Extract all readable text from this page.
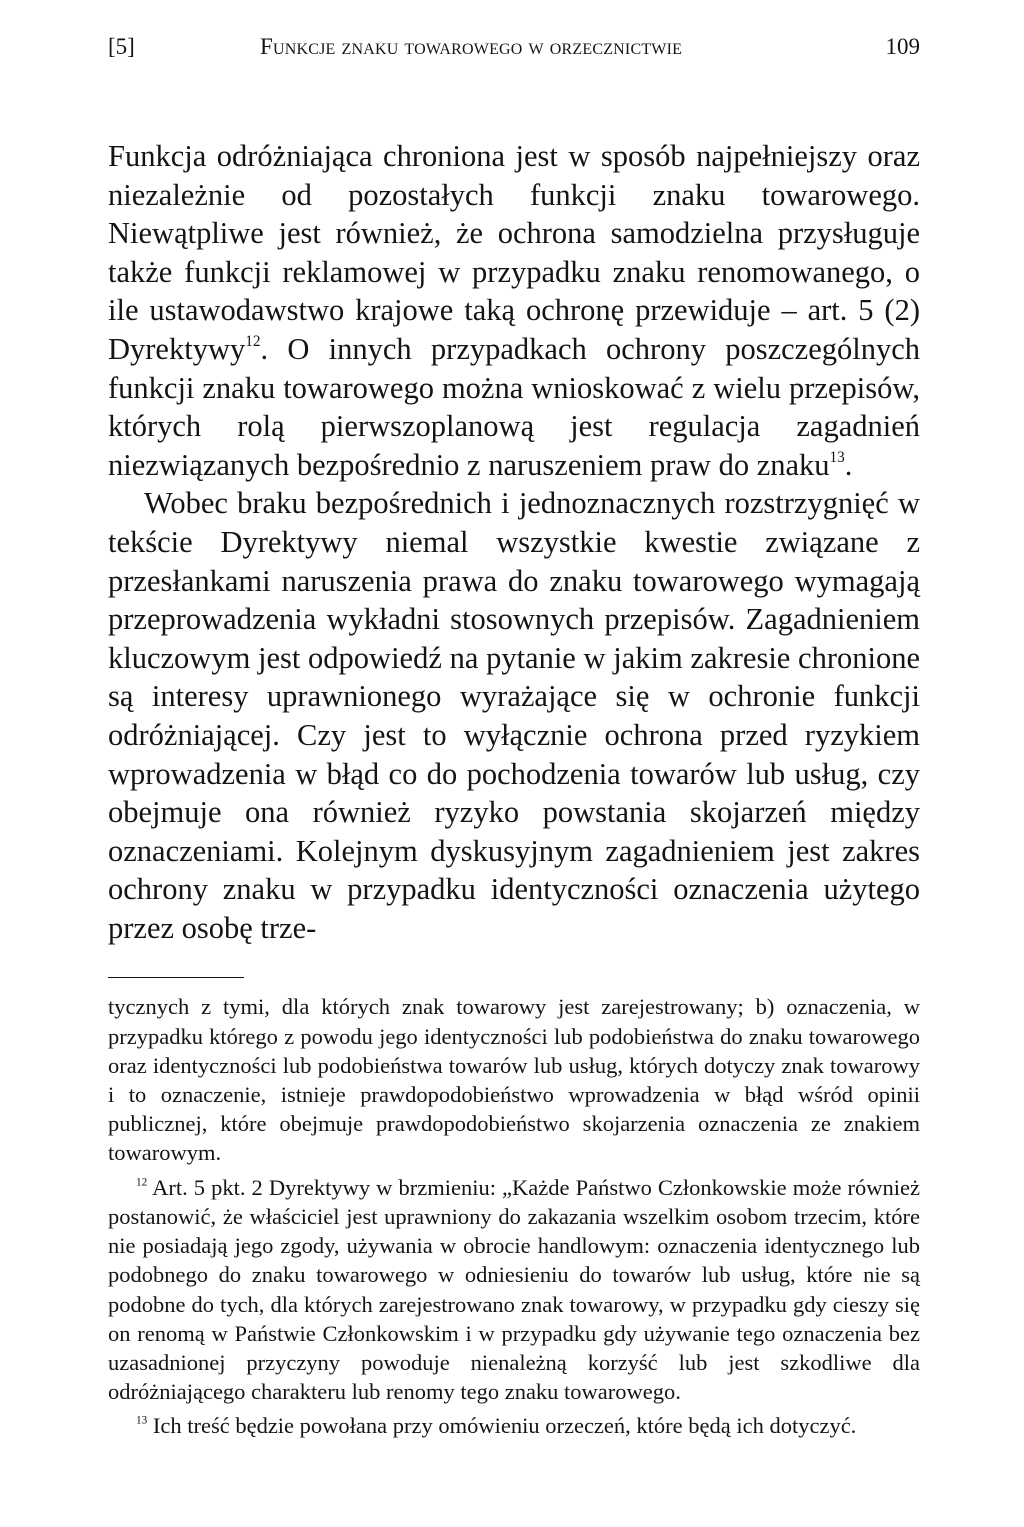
[5]	Funkcje znaku towarowego w orzecznictwie	109

Funkcja odróżniająca chroniona jest w sposób najpełniejszy oraz niezależnie od pozostałych funkcji znaku towarowego. Niewątpliwe jest również, że ochrona samodzielna przysługuje także funkcji reklamowej w przypadku znaku renomowanego, o ile ustawodawstwo krajowe taką ochronę przewiduje – art. 5 (2) Dyrektywy$^{12}$. O innych przypadkach ochrony poszczególnych funkcji znaku towarowego można wnioskować z wielu przepisów, których rolą pierwszoplanową jest regulacja zagadnień niezwiązanych bezpośrednio z naruszeniem praw do znaku$^{13}$.

Wobec braku bezpośrednich i jednoznacznych rozstrzygnięć w tekście Dyrektywy niemal wszystkie kwestie związane z przesłankami naruszenia prawa do znaku towarowego wymagają przeprowadzenia wykładni stosownych przepisów. Zagadnieniem kluczowym jest odpowiedź na pytanie w jakim zakresie chronione są interesy uprawnionego wyrażające się w ochronie funkcji odróżniającej. Czy jest to wyłącznie ochrona przed ryzykiem wprowadzenia w błąd co do pochodzenia towarów lub usług, czy obejmuje ona również ryzyko powstania skojarzeń między oznaczeniami. Kolejnym dyskusyjnym zagadnieniem jest zakres ochrony znaku w przypadku identyczności oznaczenia użytego przez osobę trze-

tycznych z tymi, dla których znak towarowy jest zarejestrowany; b) oznaczenia, w przypadku którego z powodu jego identyczności lub podobieństwa do znaku towarowego oraz identyczności lub podobieństwa towarów lub usług, których dotyczy znak towarowy i to oznaczenie, istnieje prawdopodobieństwo wprowadzenia w błąd wśród opinii publicznej, które obejmuje prawdopodobieństwo skojarzenia oznaczenia ze znakiem towarowym.

$^{12}$ Art. 5 pkt. 2 Dyrektywy w brzmieniu: „Każde Państwo Członkowskie może również postanowić, że właściciel jest uprawniony do zakazania wszelkim osobom trzecim, które nie posiadają jego zgody, używania w obrocie handlowym: oznaczenia identycznego lub podobnego do znaku towarowego w odniesieniu do towarów lub usług, które nie są podobne do tych, dla których zarejestrowano znak towarowy, w przypadku gdy cieszy się on renomą w Państwie Członkowskim i w przypadku gdy używanie tego oznaczenia bez uzasadnionej przyczyny powoduje nienależną korzyść lub jest szkodliwe dla odróżniającego charakteru lub renomy tego znaku towarowego.

$^{13}$ Ich treść będzie powołana przy omówieniu orzeczeń, które będą ich dotyczyć.
